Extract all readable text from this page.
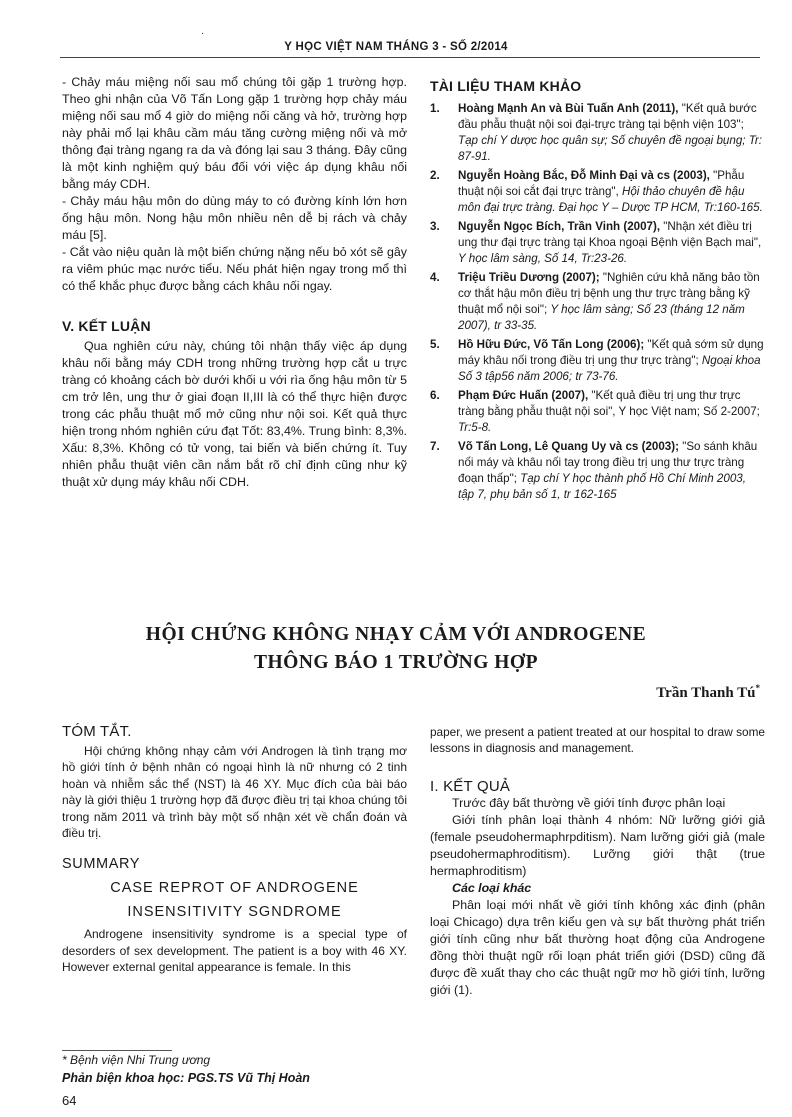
·
Y HỌC VIỆT NAM THÁNG 3 - SỐ 2/2014

- Chảy máu miệng nối sau mổ chúng tôi gặp 1 trường hợp. Theo ghi nhận của Võ Tấn Long gặp 1 trường hợp chảy máu miệng nối sau mổ 4 giờ do miệng nối căng và hở, trường hợp này phải mổ lại khâu cầm máu tăng cường miệng nối và mở thông đại tràng ngang ra da và đóng lại sau 3 tháng. Đây cũng là một kinh nghiệm quý báu đối với việc áp dụng khâu nối bằng máy CDH.

- Chảy máu hậu môn do dùng máy to có đường kính lớn hơn ống hậu môn. Nong hậu môn nhiều nên dễ bị rách và chảy máu [5].

- Cắt vào niệu quản là một biến chứng nặng nếu bỏ xót sẽ gây ra viêm phúc mạc nước tiểu. Nếu phát hiện ngay trong mổ thì có thể khắc phục được bằng cách khâu nối ngay.

V. KẾT LUẬN

Qua nghiên cứu này, chúng tôi nhận thấy việc áp dụng khâu nối bằng máy CDH trong những trường hợp cắt u trực tràng có khoảng cách bờ dưới khối u với rìa ống hậu môn từ 5 cm trở lên, ung thư ở giai đoạn II,III là có thể thực hiện được trong các phẫu thuật mổ mở cũng như nội soi. Kết quả thực hiện trong nhóm nghiên cứu đạt Tốt: 83,4%. Trung bình: 8,3%. Xấu: 8,3%. Không có tử vong, tai biến và biến chứng ít. Tuy nhiên phẫu thuật viên cần nắm bắt rõ chỉ định cũng như kỹ thuật xử dụng máy khâu nối CDH.

TÀI LIỆU THAM KHẢO
1. Hoàng Mạnh An và Bùi Tuấn Anh (2011), "Kết quả bước đầu phẫu thuật nội soi đại-trực tràng tại bệnh viện 103"; Tạp chí Y dược học quân sự; Số chuyên đề ngoại bụng; Tr: 87-91.
2. Nguyễn Hoàng Bắc, Đỗ Minh Đại và cs (2003), "Phẫu thuật nội soi cắt đại trực tràng", Hội thảo chuyên đề hậu môn đại trực tràng. Đại học Y – Dược TP HCM, Tr:160-165.
3. Nguyễn Ngọc Bích, Trần Vinh (2007), "Nhận xét điều trị ung thư đại trực tràng tại Khoa ngoại Bệnh viện Bạch mai", Y học lâm sàng, Số 14, Tr:23-26.
4. Triệu Triều Dương (2007); "Nghiên cứu khả năng bảo tồn cơ thắt hậu môn điều trị bệnh ung thư trực tràng bằng kỹ thuật mổ nội soi"; Y học lâm sàng; Số 23 (tháng 12 năm 2007), tr 33-35.
5. Hồ Hữu Đức, Võ Tấn Long (2006); "Kết quả sớm sử dụng máy khâu nối trong điều trị ung thư trực tràng"; Ngoại khoa Số 3 tập56 năm 2006; tr 73-76.
6. Phạm Đức Huấn (2007), "Kết quả điều trị ung thư trực tràng bằng phẫu thuật nội soi", Y học Việt nam; Số 2-2007; Tr:5-8.
7. Võ Tấn Long, Lê Quang Uy và cs (2003); "So sánh khâu nối máy và khâu nối tay trong điều trị ung thư trực tràng đoạn thấp"; Tạp chí Y học thành phố Hồ Chí Minh 2003, tập 7, phụ bản số 1, tr 162-165
HỘI CHỨNG KHÔNG NHẠY CẢM VỚI ANDROGENE
THÔNG BÁO 1 TRƯỜNG HỢP
Trần Thanh Tú*
TÓM TẮT.

Hội chứng không nhạy cảm với Androgen là tình trạng mơ hồ giới tính ở bệnh nhân có ngoại hình là nữ nhưng có 2 tinh hoàn và nhiễm sắc thể (NST) là 46 XY. Mục đích của bài báo này là giới thiệu 1 trường hợp đã được điều trị tại khoa chúng tôi trong năm 2011 và trình bày một số nhận xét về chẩn đoán và điều trị.

SUMMARY
CASE REPROT OF ANDROGENE
INSENSITIVITY SGNDROME

Androgene insensitivity syndrome is a special type of desorders of sex development. The patient is a boy with 46 XY. However external genital appearance is female. In this

paper, we present a patient treated at our hospital to draw some lessons in diagnosis and management.

I. KẾT QUẢ

Trước đây bất thường về giới tính được phân loại

Giới tính phân loại thành 4 nhóm: Nữ lưỡng giới giả (female pseudohermaphrpditism). Nam lưỡng giới giả (male pseudohermaphroditism). Lưỡng giới thật (true hermaphroditism)

Các loại khác

Phân loại mới nhất về giới tính không xác định (phân loại Chicago) dựa trên kiểu gen và sự bất thường phát triển giới tính cũng như bất thường hoạt động của Androgene đồng thời thuật ngữ rối loạn phát triển giới (DSD) cũng đã được đề xuất thay cho các thuật ngữ mơ hồ giới tính, lưỡng giới (1).

* Bệnh viện Nhi Trung ương
Phản biện khoa học: PGS.TS Vũ Thị Hoàn
64
